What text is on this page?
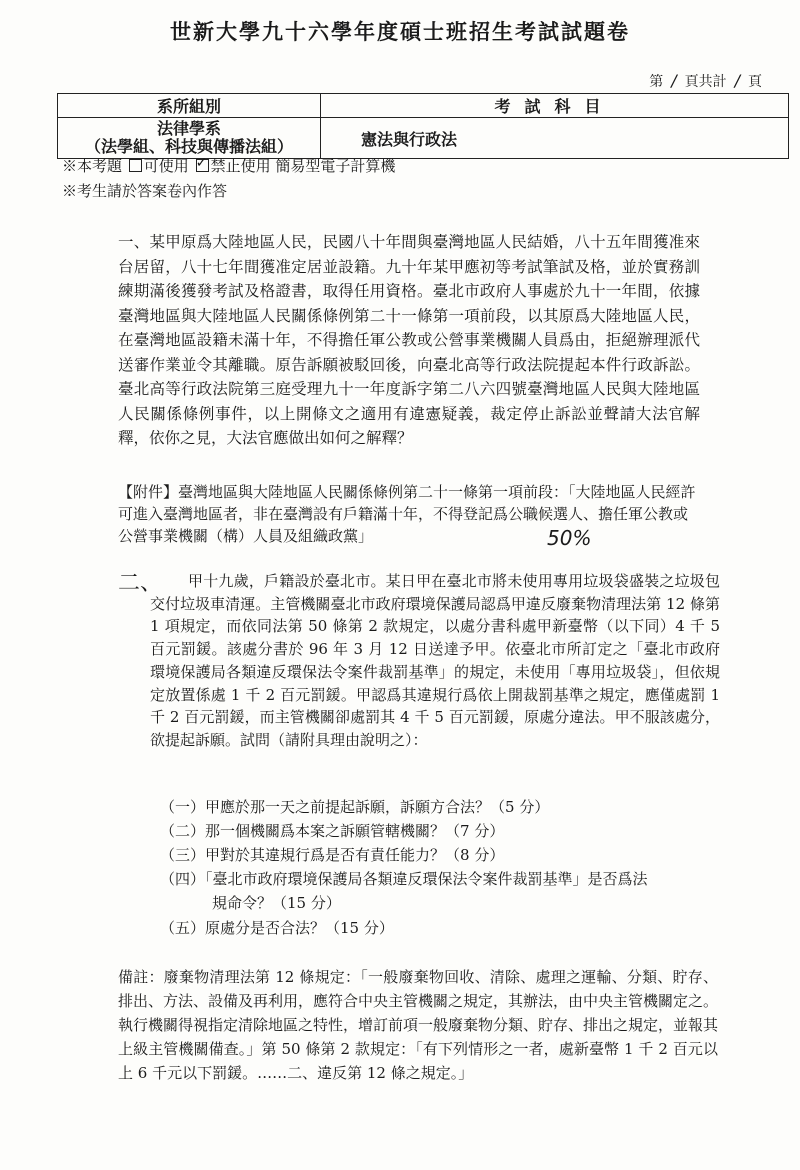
世新大學九十六學年度碩士班招生考試試題卷
第 / 頁共計 / 頁
系所組別	考試科目

法律學系
（法學組、科技與傳播法組）	憲法與行政法
※本考題 可使用 ✓ 禁止使用 簡易型電子計算機
※考生請於答案卷內作答
一、某甲原爲大陸地區人民，民國八十年間與臺灣地區人民結婚，八十五年間獲准來台居留，八十七年間獲准定居並設籍。九十年某甲應初等考試筆試及格，並於實務訓練期滿後獲發考試及格證書，取得任用資格。臺北市政府人事處於九十一年間，依據臺灣地區與大陸地區人民關係條例第二十一條第一項前段，以其原爲大陸地區人民，在臺灣地區設籍未滿十年，不得擔任軍公教或公營事業機關人員爲由，拒絕辦理派代送審作業並令其離職。原告訴願被駁回後，向臺北高等行政法院提起本件行政訴訟。臺北高等行政法院第三庭受理九十一年度訴字第二八六四號臺灣地區人民與大陸地區人民關係條例事件，以上開條文之適用有違憲疑義，裁定停止訴訟並聲請大法官解釋，依你之見，大法官應做出如何之解釋？
【附件】臺灣地區與大陸地區人民關係條例第二十一條第一項前段：「大陸地區人民經許可進入臺灣地區者，非在臺灣設有戶籍滿十年，不得登記爲公職候選人、擔任軍公教或公營事業機關（構）人員及組織政黨」	50%
二、	甲十九歲，戶籍設於臺北市。某日甲在臺北市將未使用專用垃圾袋盛裝之垃圾包交付垃圾車清運。主管機關臺北市政府環境保護局認爲甲違反廢棄物清理法第 12 條第 1 項規定，而依同法第 50 條第 2 款規定，以處分書科處甲新臺幣（以下同）4 千 5 百元罰鍰。該處分書於 96 年 3 月 12 日送達予甲。依臺北市所訂定之「臺北市政府環境保護局各類違反環保法令案件裁罰基準」的規定，未使用「專用垃圾袋」，但依規定放置係處 1 千 2 百元罰鍰。甲認爲其違規行爲依上開裁罰基準之規定，應僅處罰 1 千 2 百元罰鍰，而主管機關卻處罰其 4 千 5 百元罰鍰，原處分違法。甲不服該處分，欲提起訴願。試問（請附具理由說明之）：
（一）甲應於那一天之前提起訴願，訴願方合法？（5 分）
（二）那一個機關爲本案之訴願管轄機關？（7 分）
（三）甲對於其違規行爲是否有責任能力？（8 分）
（四）「臺北市政府環境保護局各類違反環保法令案件裁罰基準」是否爲法
規命令？（15 分）
（五）原處分是否合法？（15 分）
備註：廢棄物清理法第 12 條規定：「一般廢棄物回收、清除、處理之運輸、分類、貯存、排出、方法、設備及再利用，應符合中央主管機關之規定，其辦法，由中央主管機關定之。執行機關得視指定清除地區之特性，增訂前項一般廢棄物分類、貯存、排出之規定，並報其上級主管機關備查。」第 50 條第 2 款規定：「有下列情形之一者，處新臺幣 1 千 2 百元以上 6 千元以下罰鍰。……二、違反第 12 條之規定。」
